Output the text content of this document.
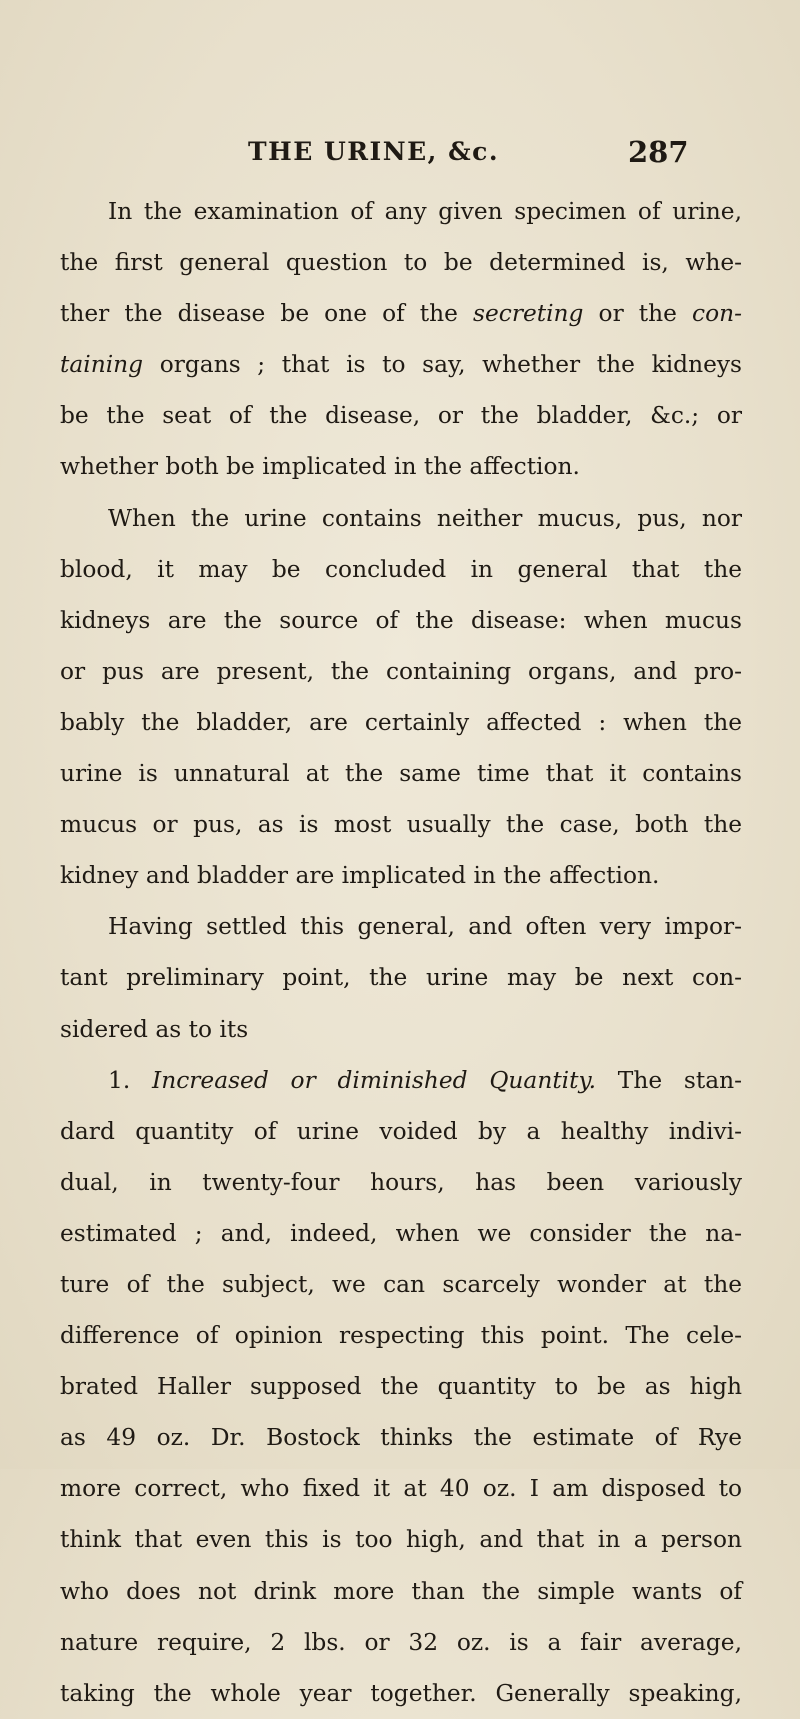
THE URINE, &c.	287
In the examination of any given specimen of urine,
the first general question to be determined is, whe-
ther the disease be one of the secreting or the con-
taining organs ; that is to say, whether the kidneys
be the seat of the disease, or the bladder, &c.; or
whether both be implicated in the affection.
When the urine contains neither mucus, pus, nor
blood, it may be concluded in general that the
kidneys are the source of the disease: when mucus
or pus are present, the containing organs, and pro-
bably the bladder, are certainly affected : when the
urine is unnatural at the same time that it contains
mucus or pus, as is most usually the case, both the
kidney and bladder are implicated in the affection.
Having settled this general, and often very impor-
tant preliminary point, the urine may be next con-
sidered as to its
1. Increased or diminished Quantity. The stan-
dard quantity of urine voided by a healthy indivi-
dual, in twenty-four hours, has been variously
estimated ; and, indeed, when we consider the na-
ture of the subject, we can scarcely wonder at the
difference of opinion respecting this point. The cele-
brated Haller supposed the quantity to be as high
as 49 oz. Dr. Bostock thinks the estimate of Rye
more correct, who fixed it at 40 oz. I am disposed to
think that even this is too high, and that in a person
who does not drink more than the simple wants of
nature require, 2 lbs. or 32 oz. is a fair average,
taking the whole year together. Generally speaking,
